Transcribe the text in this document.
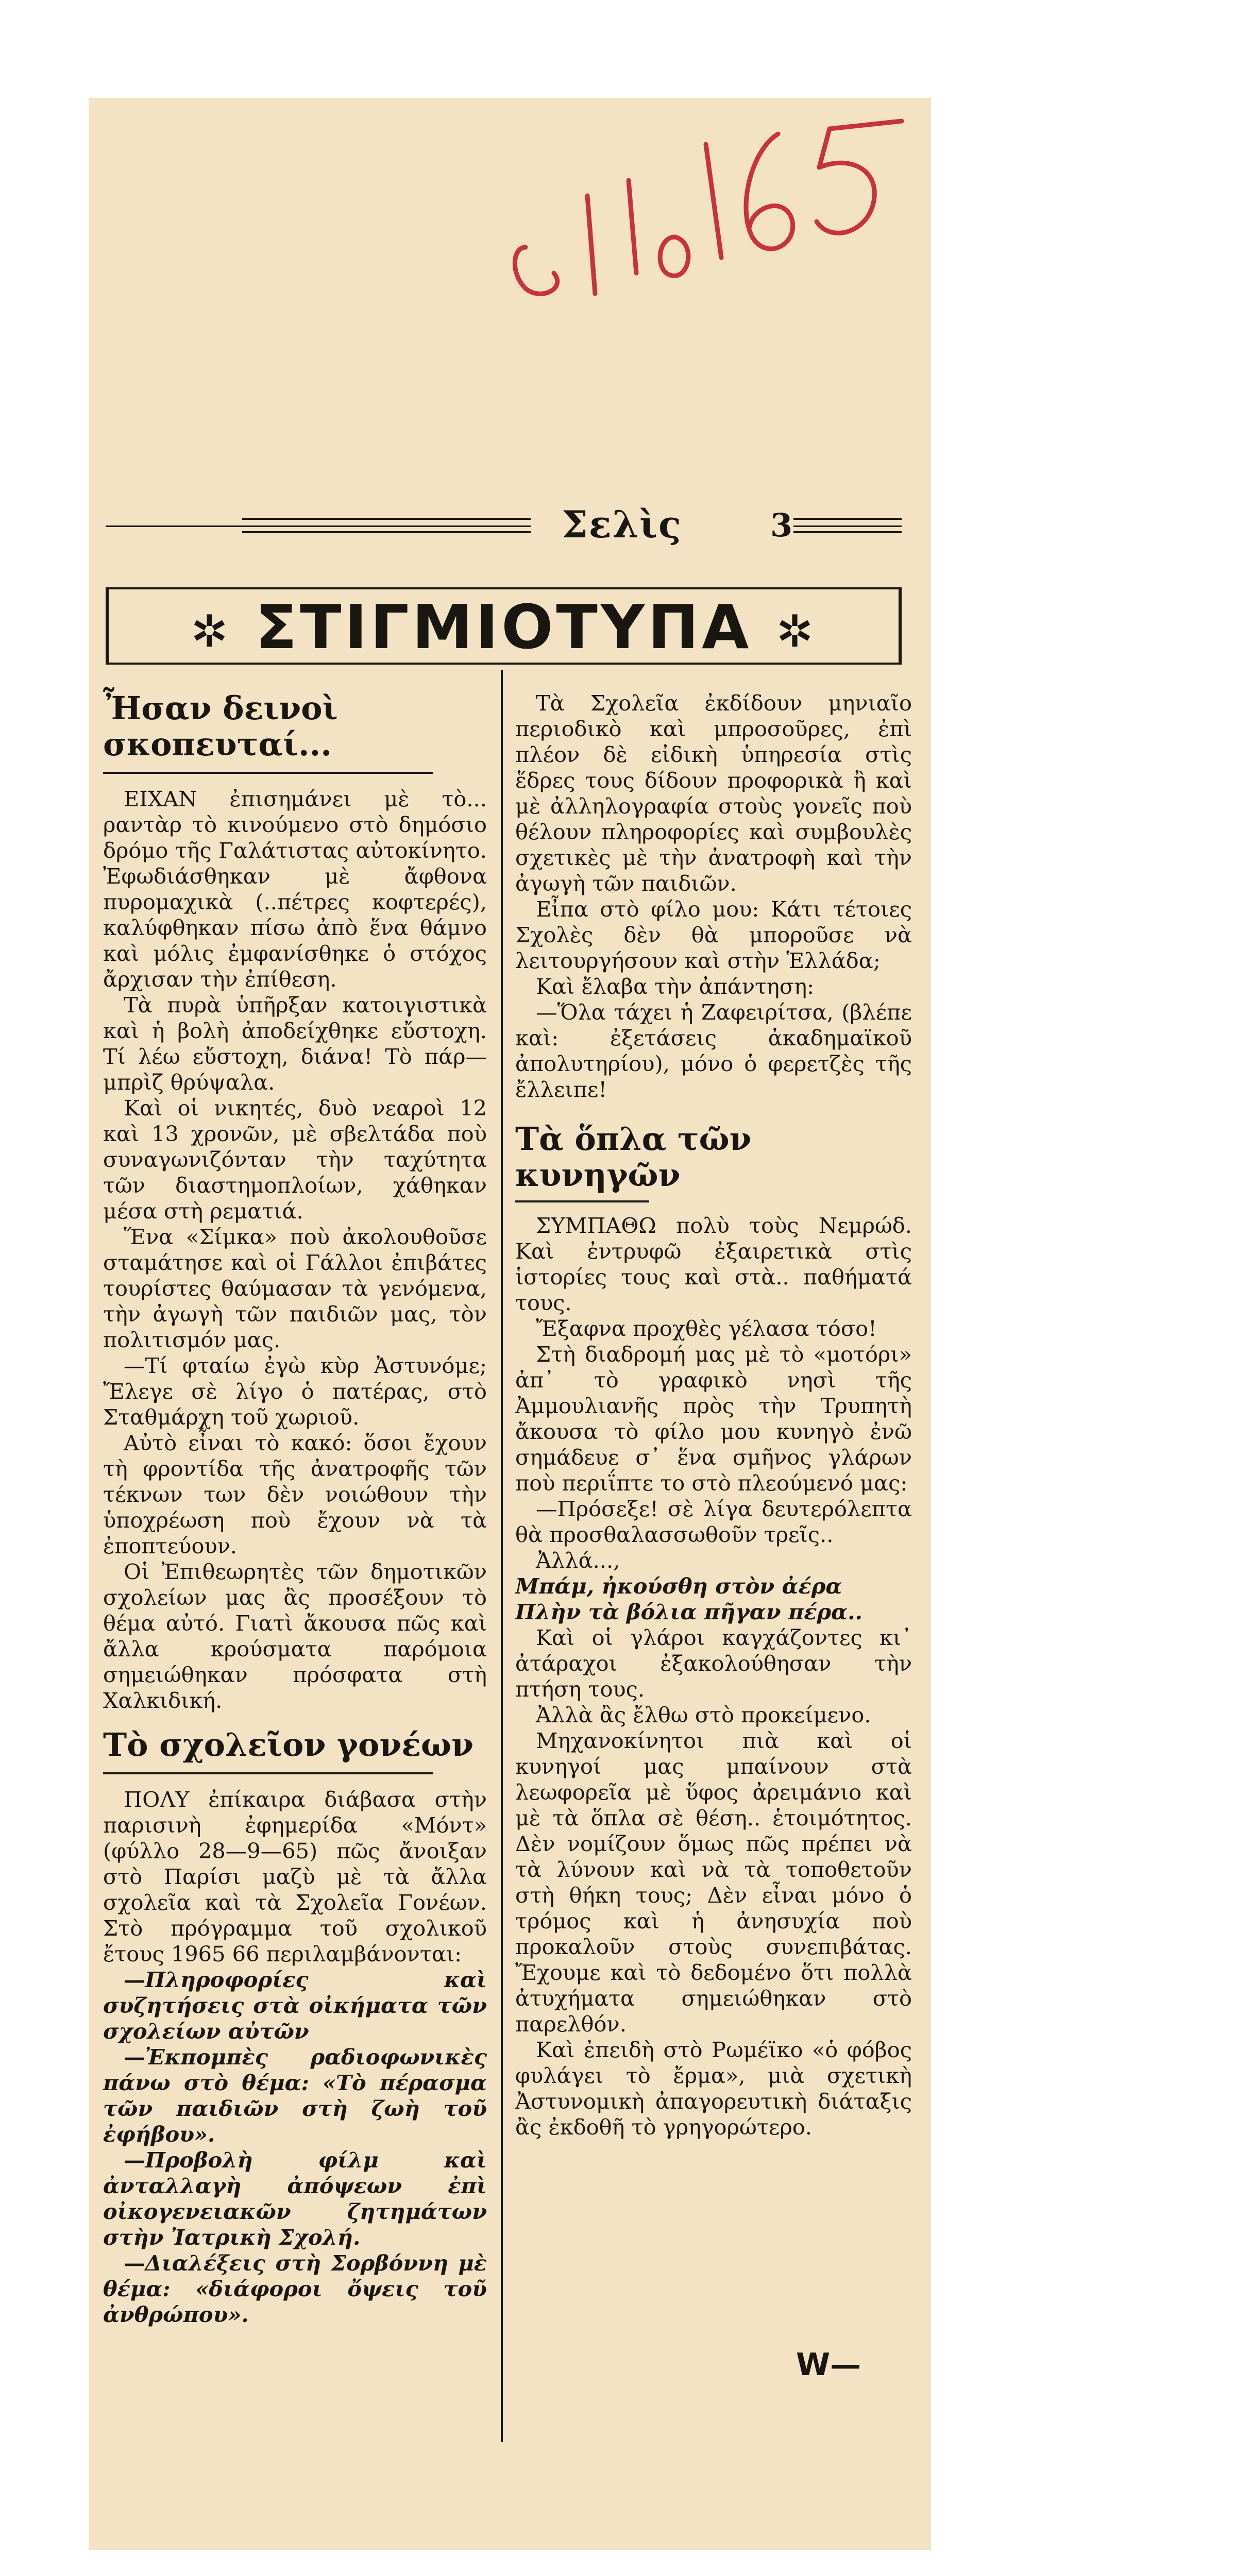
Σελὶς	3
✲ ΣΤΙΓΜΙΟΤΥΠΑ ✲
Ἦσαν δεινοὶ σκοπευταί...

ΕΙΧΑΝ ἐπισημάνει μὲ τὸ... ραντὰρ τὸ κινούμενο στὸ δημόσιο δρόμο τῆς Γαλάτιστας αὐτοκίνητο. Ἐφωδιάσθηκαν μὲ ἄφθονα πυρομαχικὰ (..πέτρες κοφτερές), καλύφθηκαν πίσω ἀπὸ ἕνα θάμνο καὶ μόλις ἐμφανίσθηκε ὁ στόχος ἄρχισαν τὴν ἐπίθεση.

Τὰ πυρὰ ὑπῆρξαν κατοιγιστικὰ καὶ ἡ βολὴ ἀποδείχθηκε εὔστοχη. Τί λέω εὔστοχη, διάνα! Τὸ πάρ—μπρὶζ θρύψαλα.

Καὶ οἱ νικητές, δυὸ νεαροὶ 12 καὶ 13 χρονῶν, μὲ σβελτάδα ποὺ συναγωνιζόνταν τὴν ταχύτητα τῶν διαστημοπλοίων, χάθηκαν μέσα στὴ ρεματιά.

Ἕνα «Σίμκα» ποὺ ἀκολουθοῦσε σταμάτησε καὶ οἱ Γάλλοι ἐπιβάτες τουρίστες θαύμασαν τὰ γενόμενα, τὴν ἀγωγὴ τῶν παιδιῶν μας, τὸν πολιτισμόν μας.

—Τί φταίω ἐγὼ κὺρ Ἀστυνόμε; Ἔλεγε σὲ λίγο ὁ πατέρας, στὸ Σταθμάρχη τοῦ χωριοῦ.

Αὐτὸ εἶναι τὸ κακό: ὅσοι ἔχουν τὴ φροντίδα τῆς ἀνατροφῆς τῶν τέκνων των δὲν νοιώθουν τὴν ὑποχρέωση ποὺ ἔχουν νὰ τὰ ἐποπτεύουν.

Οἱ Ἐπιθεωρητὲς τῶν δημοτικῶν σχολείων μας ἂς προσέξουν τὸ θέμα αὐτό. Γιατὶ ἄκουσα πῶς καὶ ἄλλα κρούσματα παρόμοια σημειώθηκαν πρόσφατα στὴ Χαλκιδική.

Τὸ σχολεῖον γονέων

ΠΟΛΥ ἐπίκαιρα διάβασα στὴν παρισινὴ ἐφημερίδα «Μόντ» (φύλλο 28—9—65) πῶς ἄνοιξαν στὸ Παρίσι μαζὺ μὲ τὰ ἄλλα σχολεῖα καὶ τὰ Σχολεῖα Γονέων. Στὸ πρόγραμμα τοῦ σχολικοῦ ἔτους 1965 66 περιλαμβάνονται:

—Πληροφορίες καὶ συζητήσεις στὰ οἰκήματα τῶν σχολείων αὐτῶν

—Ἐκπομπὲς ραδιοφωνικὲς πάνω στὸ θέμα: «Τὸ πέρασμα τῶν παιδιῶν στὴ ζωὴ τοῦ ἐφήβου».

—Προβολὴ φίλμ καὶ ἀνταλλαγὴ ἀπόψεων ἐπὶ οἰκογενειακῶν ζητημάτων στὴν Ἰατρικὴ Σχολή.

—Διαλέξεις στὴ Σορβόννη μὲ θέμα: «διάφοροι ὄψεις τοῦ ἀνθρώπου».

Τὰ Σχολεῖα ἐκδίδουν μηνιαῖο περιοδικὸ καὶ μπροσοῦρες, ἐπὶ πλέον δὲ εἰδικὴ ὑπηρεσία στὶς ἕδρες τους δίδουν προφορικὰ ἢ καὶ μὲ ἀλληλογραφία στοὺς γονεῖς ποὺ θέλουν πληροφορίες καὶ συμβουλὲς σχετικὲς μὲ τὴν ἀνατροφὴ καὶ τὴν ἀγωγὴ τῶν παιδιῶν.

Εἶπα στὸ φίλο μου: Κάτι τέτοιες Σχολὲς δὲν θὰ μποροῦσε νὰ λειτουργήσουν καὶ στὴν Ἑλλάδα;

Καὶ ἔλαβα τὴν ἀπάντηση:

—Ὅλα τάχει ἡ Ζαφειρίτσα, (βλέπε καὶ: ἐξετάσεις ἀκαδημαϊκοῦ ἀπολυτηρίου), μόνο ὁ φερετζὲς τῆς ἔλλειπε!

Τὰ ὅπλα τῶν κυνηγῶν

ΣΥΜΠΑΘΩ πολὺ τοὺς Νεμρώδ. Καὶ ἐντρυφῶ ἐξαιρετικὰ στὶς ἱστορίες τους καὶ στὰ.. παθήματά τους.

Ἔξαφνα προχθὲς γέλασα τόσο!

Στὴ διαδρομή μας μὲ τὸ «μοτόρι» ἀπ᾽ τὸ γραφικὸ νησὶ τῆς Ἀμμουλιανῆς πρὸς τὴν Τρυπητὴ ἄκουσα τὸ φίλο μου κυνηγὸ ἐνῶ σημάδευε σ᾽ ἕνα σμῆνος γλάρων ποὺ περιΐπτε το στὸ πλεούμενό μας:

—Πρόσεξε! σὲ λίγα δευτερόλεπτα θὰ προσθαλασσωθοῦν τρεῖς..

Ἀλλά...,

Μπάμ, ἠκούσθη στὸν ἀέρα

Πλὴν τὰ βόλια πῆγαν πέρα..

Καὶ οἱ γλάροι καγχάζοντες κι᾽ ἀτάραχοι ἐξακολούθησαν τὴν πτήση τους.

Ἀλλὰ ἂς ἔλθω στὸ προκείμενο.

Μηχανοκίνητοι πιὰ καὶ οἱ κυνηγοί μας μπαίνουν στὰ λεωφορεῖα μὲ ὕφος ἀρειμάνιο καὶ μὲ τὰ ὅπλα σὲ θέση.. ἑτοιμότητος. Δὲν νομίζουν ὅμως πῶς πρέπει νὰ τὰ λύνουν καὶ νὰ τὰ τοποθετοῦν στὴ θήκη τους; Δὲν εἶναι μόνο ὁ τρόμος καὶ ἡ ἀνησυχία ποὺ προκαλοῦν στοὺς συνεπιβάτας. Ἔχουμε καὶ τὸ δεδομένο ὅτι πολλὰ ἀτυχήματα σημειώθηκαν στὸ παρελθόν.

Καὶ ἐπειδὴ στὸ Ρωμέϊκο «ὁ φόβος φυλάγει τὸ ἔρμα», μιὰ σχετικὴ Ἀστυνομικὴ ἀπαγορευτικὴ διάταξις ἂς ἐκδοθῆ τὸ γρηγορώτερο.

W—
